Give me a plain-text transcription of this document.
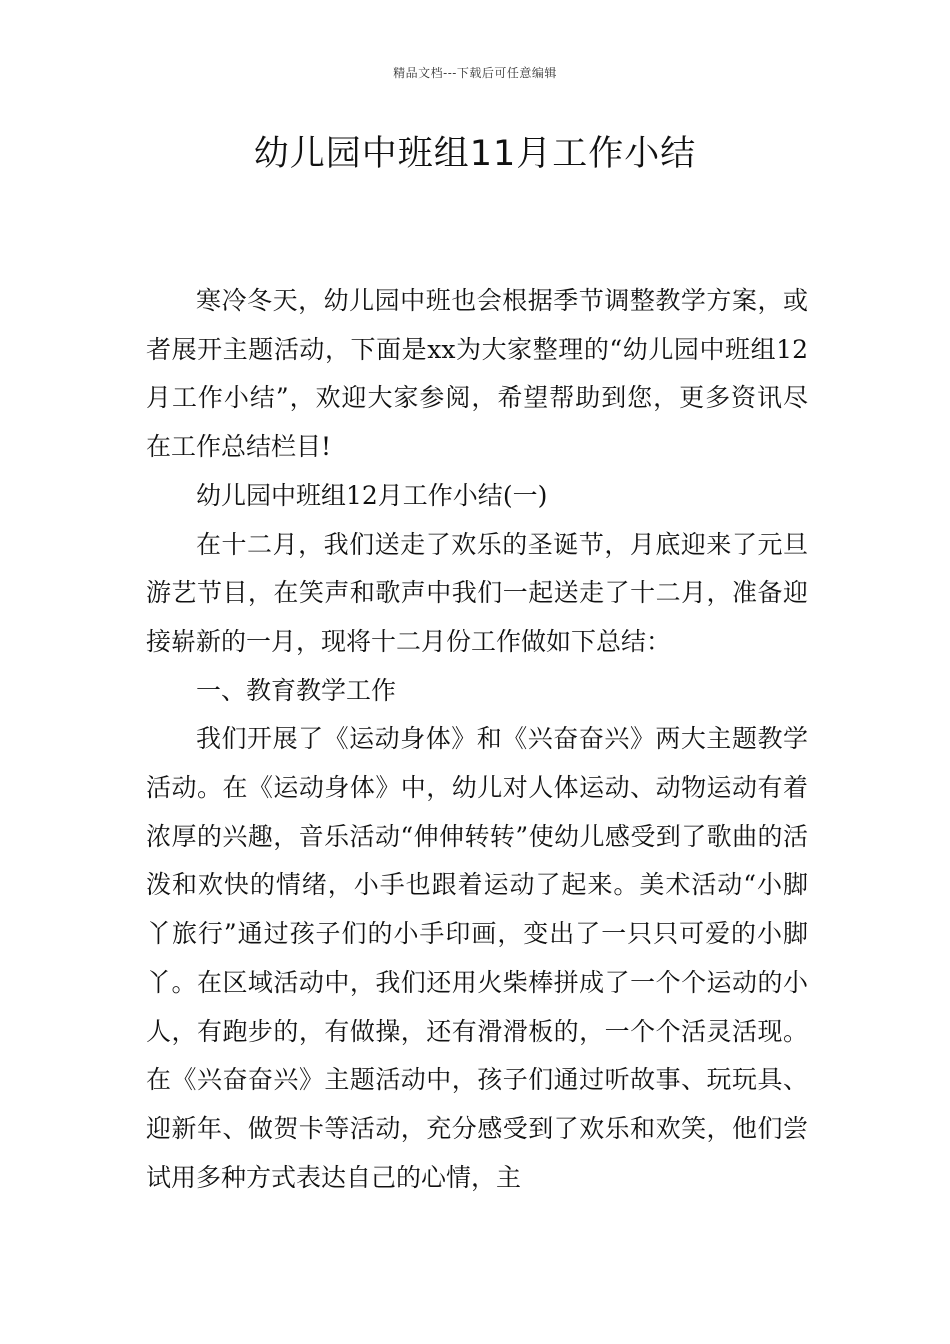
精品文档---下载后可任意编辑
幼儿园中班组11月工作小结

寒冷冬天，幼儿园中班也会根据季节调整教学方案，或者展开主题活动，下面是xx为大家整理的“幼儿园中班组12月工作小结”，欢迎大家参阅，希望帮助到您，更多资讯尽在工作总结栏目!

幼儿园中班组12月工作小结(一)

在十二月，我们送走了欢乐的圣诞节，月底迎来了元旦游艺节目，在笑声和歌声中我们一起送走了十二月，准备迎接崭新的一月，现将十二月份工作做如下总结：

一、教育教学工作

我们开展了《运动身体》和《兴奋奋兴》两大主题教学活动。在《运动身体》中，幼儿对人体运动、动物运动有着浓厚的兴趣，音乐活动“伸伸转转”使幼儿感受到了歌曲的活泼和欢快的情绪，小手也跟着运动了起来。美术活动“小脚丫旅行”通过孩子们的小手印画，变出了一只只可爱的小脚丫。在区域活动中，我们还用火柴棒拼成了一个个运动的小人，有跑步的，有做操，还有滑滑板的，一个个活灵活现。在《兴奋奋兴》主题活动中，孩子们通过听故事、玩玩具、迎新年、做贺卡等活动，充分感受到了欢乐和欢笑，他们尝试用多种方式表达自己的心情，主
